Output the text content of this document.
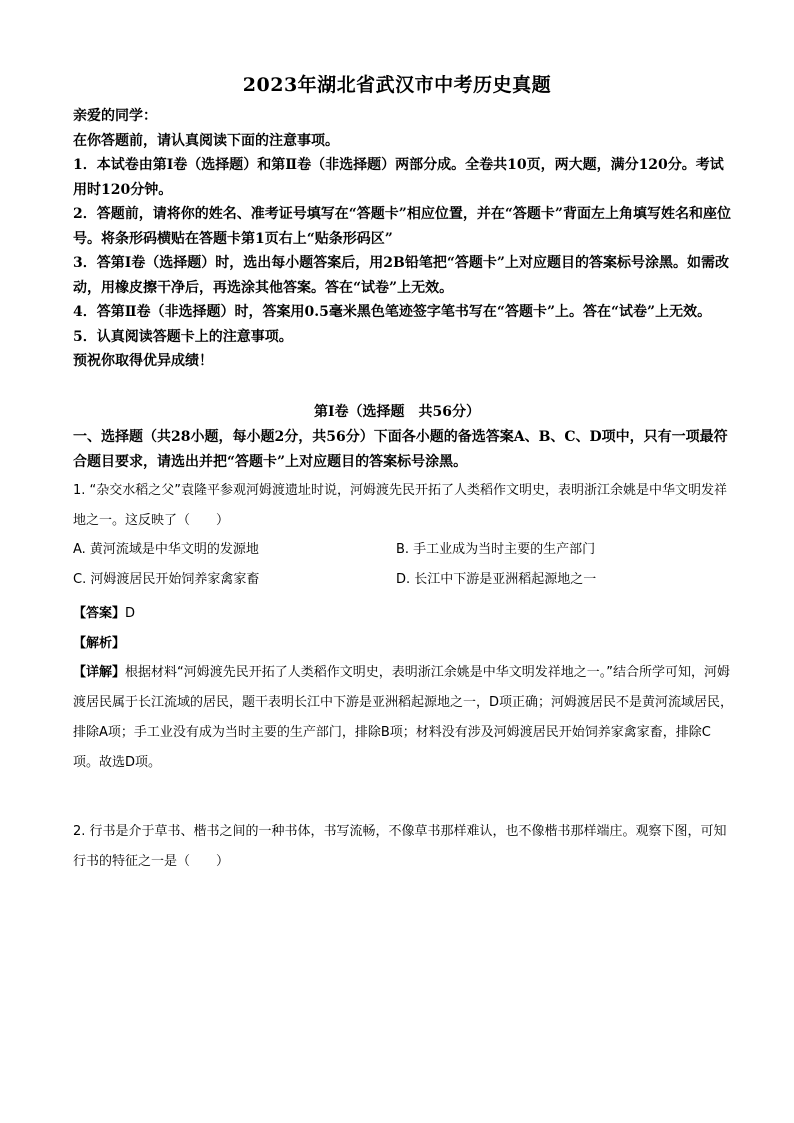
2023年湖北省武汉市中考历史真题

亲爱的同学：

在你答题前，请认真阅读下面的注意事项。

1．本试卷由第Ⅰ卷（选择题）和第Ⅱ卷（非选择题）两部分成。全卷共10页，两大题，满分120分。考试用时120分钟。

2．答题前，请将你的姓名、准考证号填写在“答题卡”相应位置，并在“答题卡”背面左上角填写姓名和座位号。将条形码横贴在答题卡第1页右上“贴条形码区”

3．答第Ⅰ卷（选择题）时，选出每小题答案后，用2B铅笔把“答题卡”上对应题目的答案标号涂黑。如需改动，用橡皮擦干净后，再选涂其他答案。答在“试卷”上无效。

4．答第Ⅱ卷（非选择题）时，答案用0.5毫米黑色笔迹签字笔书写在“答题卡”上。答在“试卷”上无效。

5．认真阅读答题卡上的注意事项。

预祝你取得优异成绩！

第Ⅰ卷（选择题　共56分）
一、选择题（共28小题，每小题2分，共56分）下面各小题的备选答案A、B、C、D项中，只有一项最符合题目要求，请选出并把“答题卡”上对应题目的答案标号涂黑。

1. “杂交水稻之父”袁隆平参观河姆渡遗址时说，河姆渡先民开拓了人类稻作文明史，表明浙江余姚是中华文明发祥地之一。这反映了（　　）

A. 黄河流域是中华文明的发源地	B. 手工业成为当时主要的生产部门
C. 河姆渡居民开始饲养家禽家畜	D. 长江中下游是亚洲稻起源地之一
【答案】D
【解析】

【详解】根据材料“河姆渡先民开拓了人类稻作文明史，表明浙江余姚是中华文明发祥地之一。”结合所学可知，河姆渡居民属于长江流域的居民，题干表明长江中下游是亚洲稻起源地之一，D项正确；河姆渡居民不是黄河流域居民，排除A项；手工业没有成为当时主要的生产部门，排除B项；材料没有涉及河姆渡居民开始饲养家禽家畜，排除C项。故选D项。

2. 行书是介于草书、楷书之间的一种书体，书写流畅，不像草书那样难认，也不像楷书那样端庄。观察下图，可知行书的特征之一是（　　）
